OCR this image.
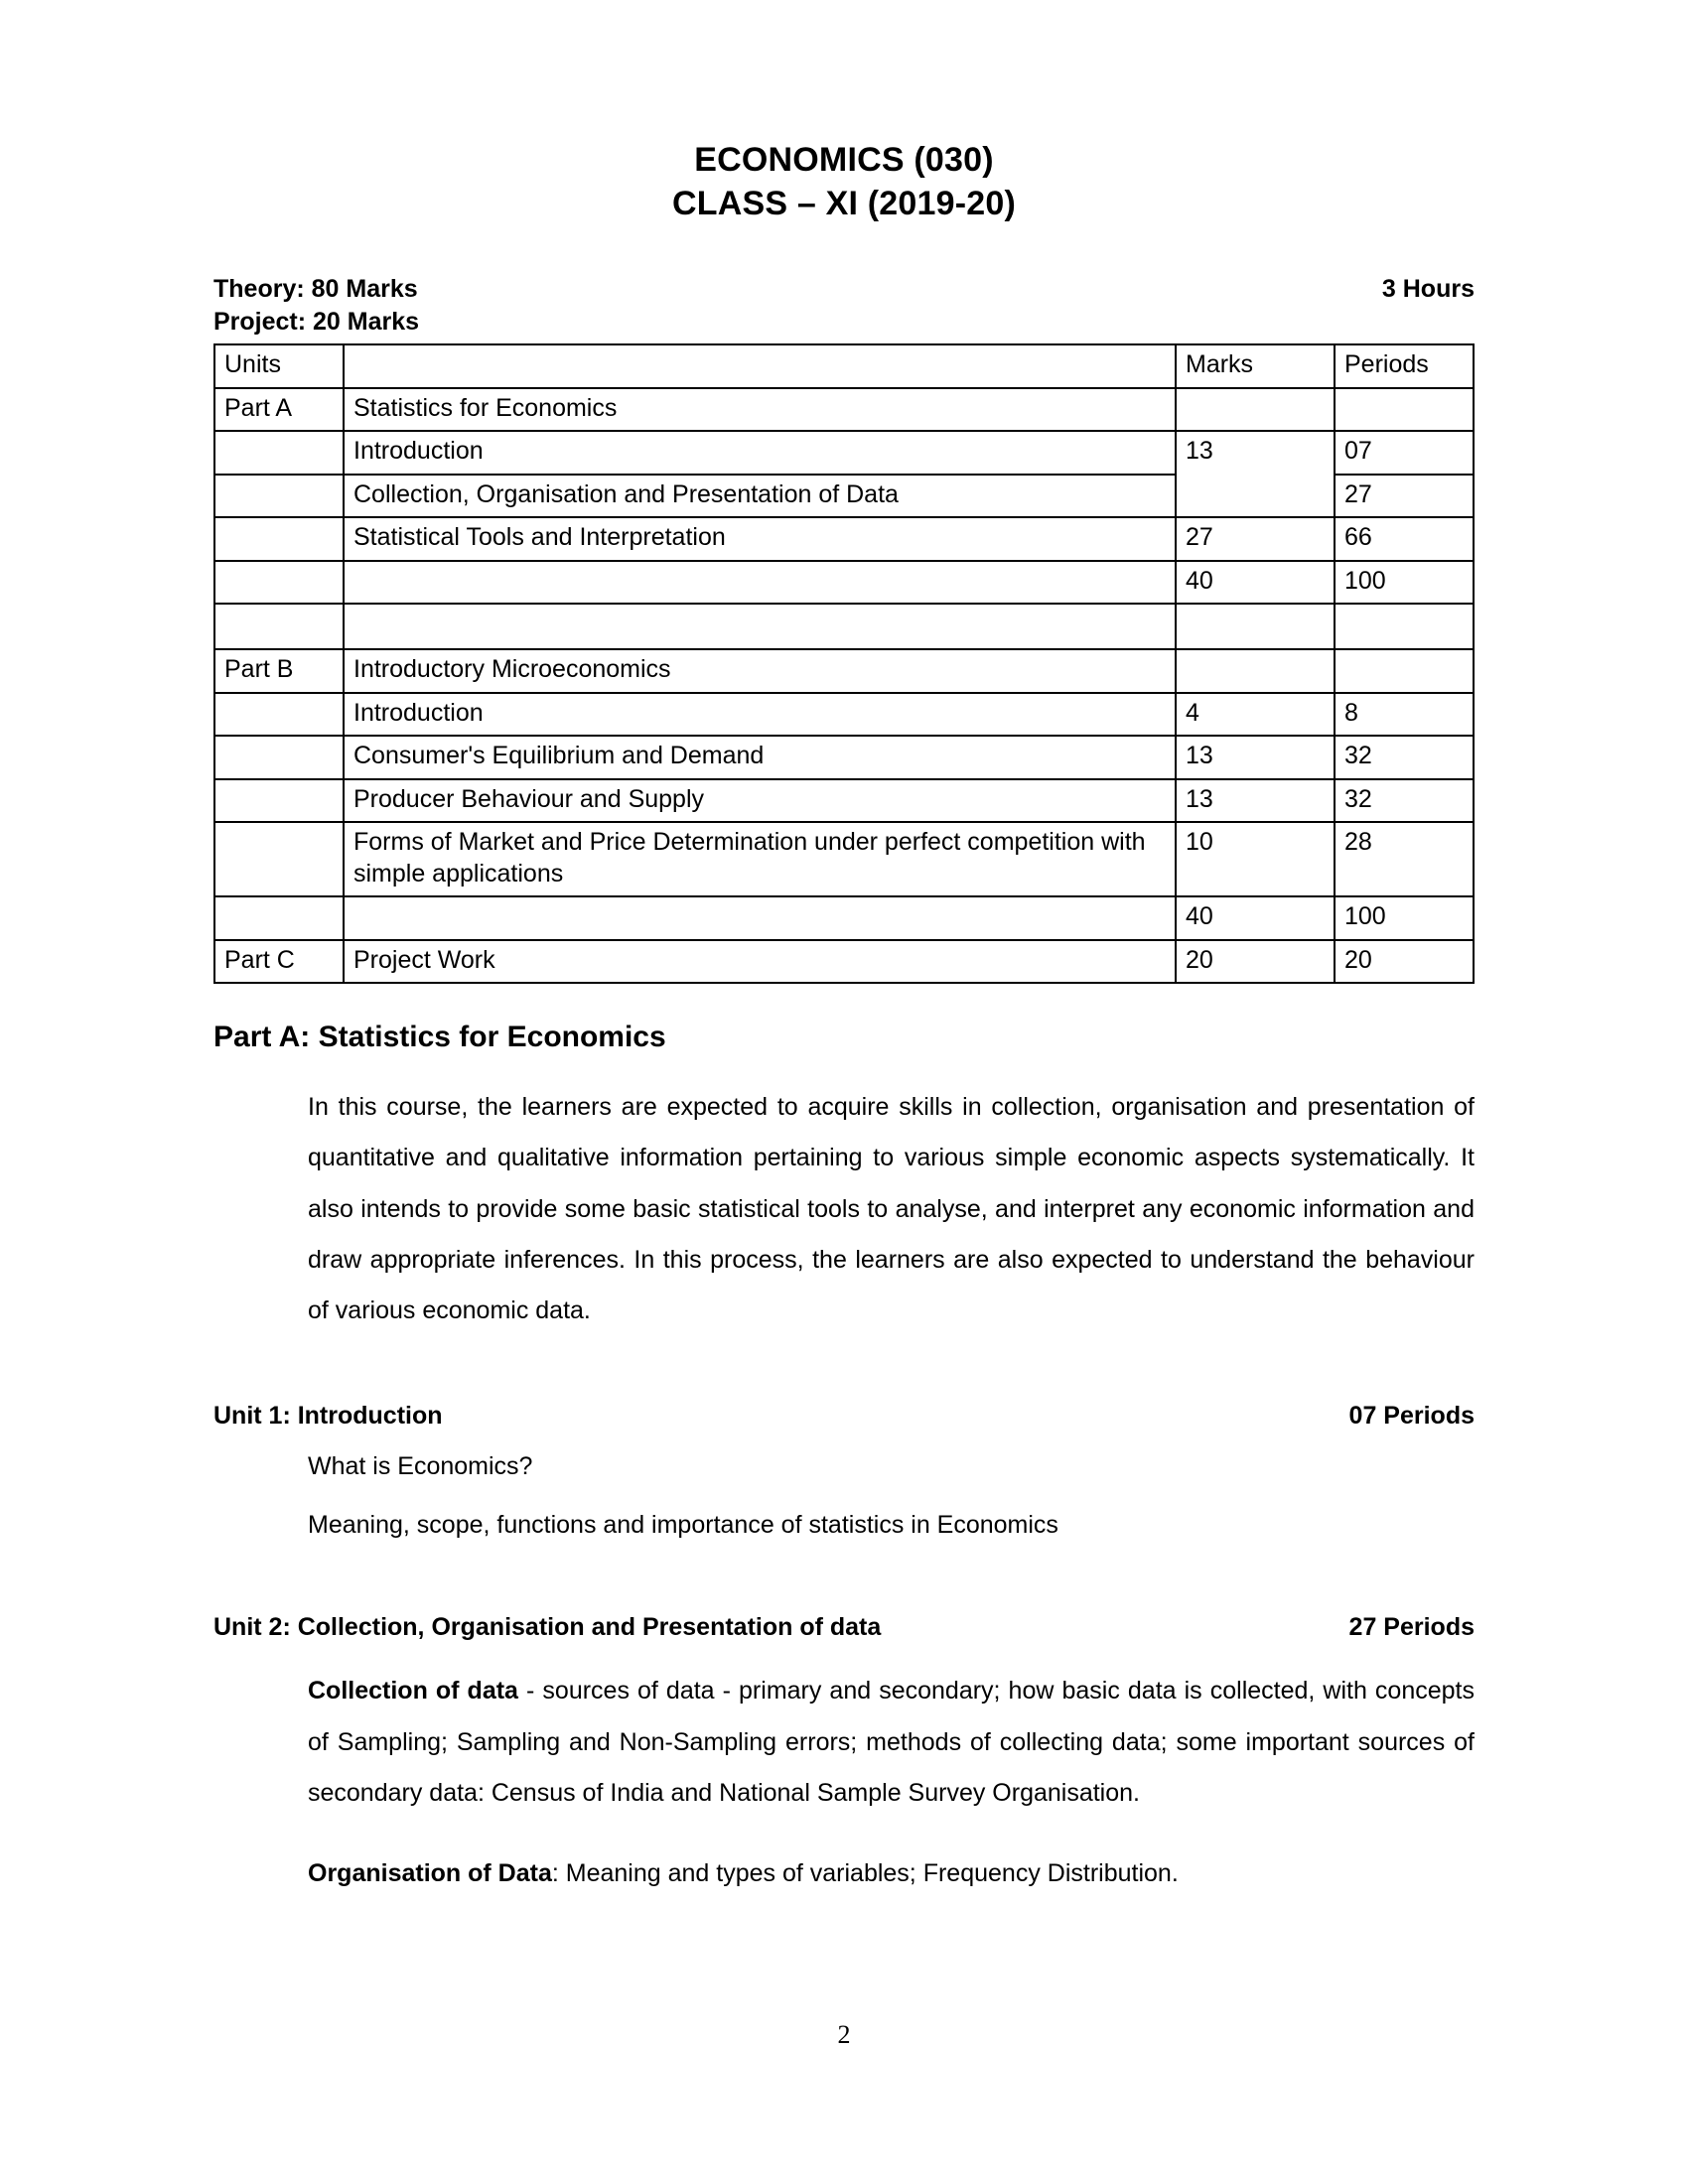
ECONOMICS (030)
CLASS – XI (2019-20)
Theory: 80 Marks	3 Hours
Project: 20 Marks

Units		Marks	Periods
Part A	Statistics for Economics		
	Introduction	13	07
	Collection, Organisation and Presentation of Data		27
	Statistical Tools and Interpretation	27	66
		40	100

Part B	Introductory Microeconomics		
	Introduction	4	8
	Consumer's Equilibrium and Demand	13	32
	Producer Behaviour and Supply	13	32
	Forms of Market and Price Determination under perfect competition with simple applications	10	28
		40	100
Part C	Project Work	20	20
Part A: Statistics for Economics

In this course, the learners are expected to acquire skills in collection, organisation and presentation of quantitative and qualitative information pertaining to various simple economic aspects systematically. It also intends to provide some basic statistical tools to analyse, and interpret any economic information and draw appropriate inferences. In this process, the learners are also expected to understand the behaviour of various economic data.

Unit 1: Introduction	07 Periods
What is Economics?
Meaning, scope, functions and importance of statistics in Economics
Unit 2: Collection, Organisation and Presentation of data	27 Periods

Collection of data - sources of data - primary and secondary; how basic data is collected, with concepts of Sampling; Sampling and Non-Sampling errors; methods of collecting data; some important sources of secondary data: Census of India and National Sample Survey Organisation.

Organisation of Data: Meaning and types of variables; Frequency Distribution.

2
